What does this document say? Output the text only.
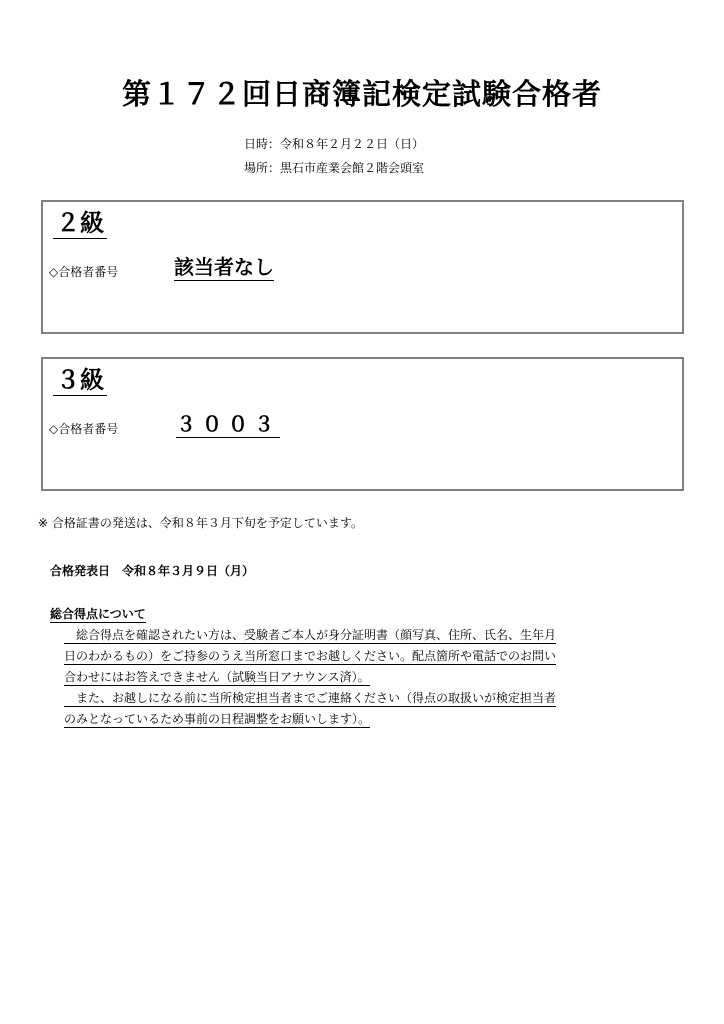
第１７２回日商簿記検定試験合格者
日時：令和８年２月２２日（日）
場所：黒石市産業会館２階会頭室
２級
◇合格者番号	該当者なし
３級
◇合格者番号	３００３
※ 合格証書の発送は、令和８年３月下旬を予定しています。
合格発表日　令和８年３月９日（月）
総合得点について
　総合得点を確認されたい方は、受験者ご本人が身分証明書（顔写真、住所、氏名、生年月
日のわかるもの）をご持参のうえ当所窓口までお越しください。配点箇所や電話でのお問い
合わせにはお答えできません（試験当日アナウンス済）。
　また、お越しになる前に当所検定担当者までご連絡ください（得点の取扱いが検定担当者
のみとなっているため事前の日程調整をお願いします）。
